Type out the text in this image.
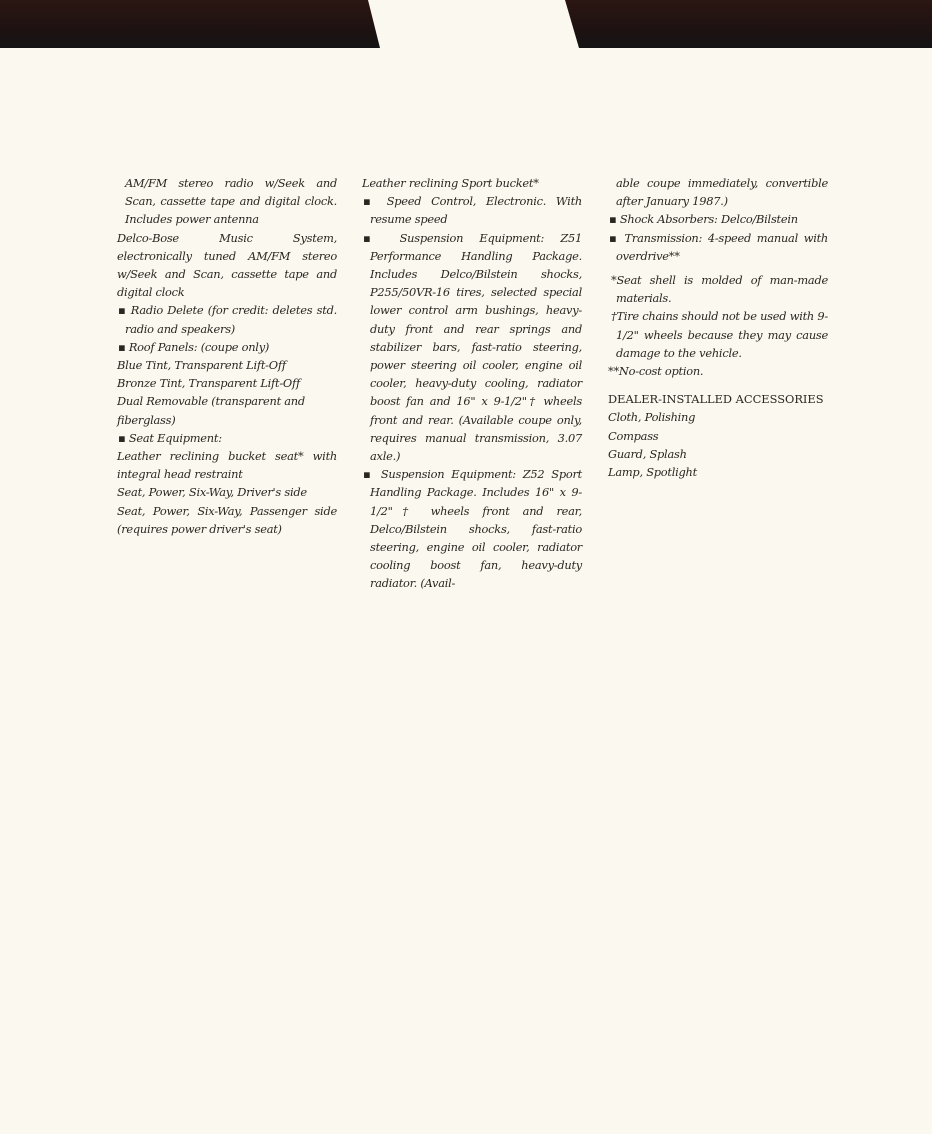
AM/FM stereo radio w/Seek and Scan, cassette tape and digital clock. Includes power antenna

Delco-Bose Music System, electronically tuned AM/FM stereo w/Seek and Scan, cassette tape and digital clock

▪ Radio Delete (for credit: deletes std. radio and speakers)

▪ Roof Panels: (coupe only)

Blue Tint, Transparent Lift-Off

Bronze Tint, Transparent Lift-Off

Dual Removable (transparent and fiberglass)

▪ Seat Equipment:

Leather reclining bucket seat* with integral head restraint

Seat, Power, Six-Way, Driver's side

Seat, Power, Six-Way, Passenger side (requires power driver's seat)

Leather reclining Sport bucket*

▪ Speed Control, Electronic. With resume speed

▪ Suspension Equipment: Z51 Performance Handling Package. Includes Delco/Bilstein shocks, P255/50VR-16 tires, selected special lower control arm bushings, heavy-duty front and rear springs and stabilizer bars, fast-ratio steering, power steering oil cooler, engine oil cooler, heavy-duty cooling, radiator boost fan and 16" x 9-1/2"† wheels front and rear. (Available coupe only, requires manual transmission, 3.07 axle.)

▪ Suspension Equipment: Z52 Sport Handling Package. Includes 16" x 9-1/2"† wheels front and rear, Delco/Bilstein shocks, fast-ratio steering, engine oil cooler, radiator cooling boost fan, heavy-duty radiator. (Avail-

able coupe immediately, convertible after January 1987.)

▪ Shock Absorbers: Delco/Bilstein

▪ Transmission: 4-speed manual with overdrive**

*Seat shell is molded of man-made materials.

†Tire chains should not be used with 9-1/2" wheels because they may cause damage to the vehicle.

**No-cost option.

DEALER-INSTALLED ACCESSORIES

Cloth, Polishing

Compass

Guard, Splash

Lamp, Spotlight
